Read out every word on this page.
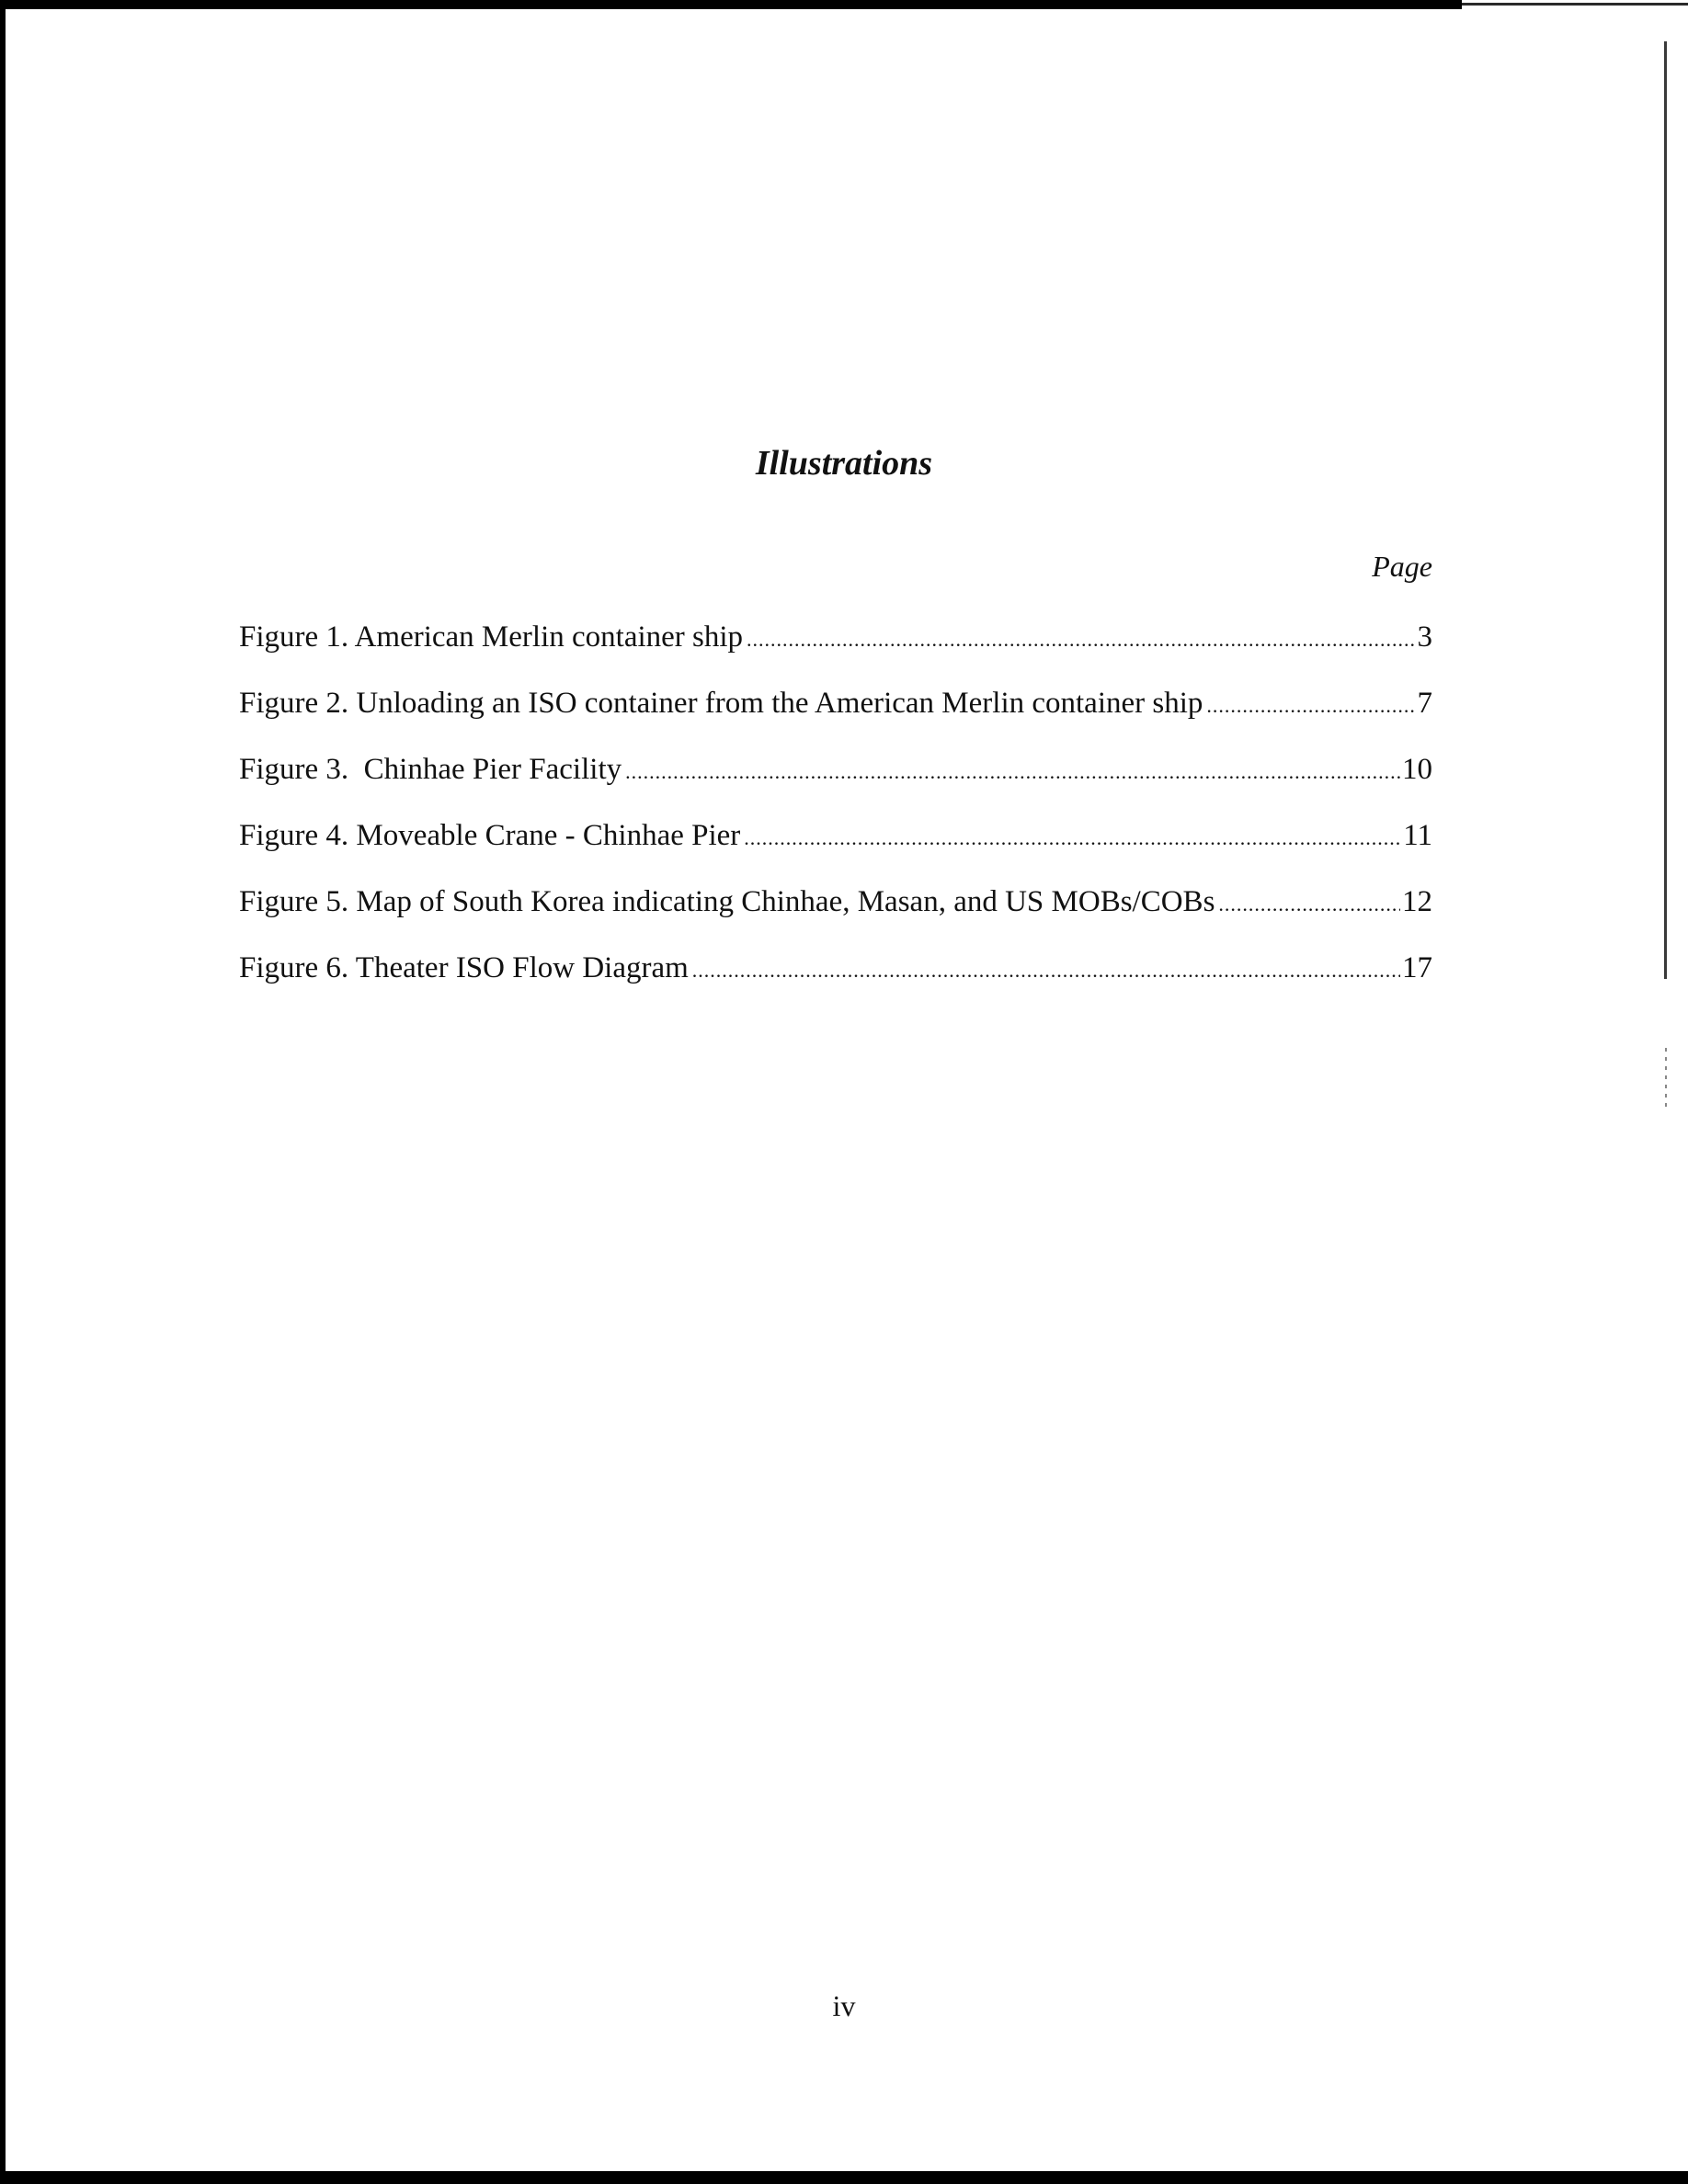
Illustrations
Page
Figure 1. American Merlin container ship .....	3
Figure 2. Unloading an ISO container from the American Merlin container ship .....	7
Figure 3.  Chinhae Pier Facility .....	10
Figure 4. Moveable Crane - Chinhae Pier .....	11
Figure 5. Map of South Korea indicating Chinhae, Masan, and US MOBs/COBs .....	12
Figure 6. Theater ISO Flow Diagram .....	17
iv
